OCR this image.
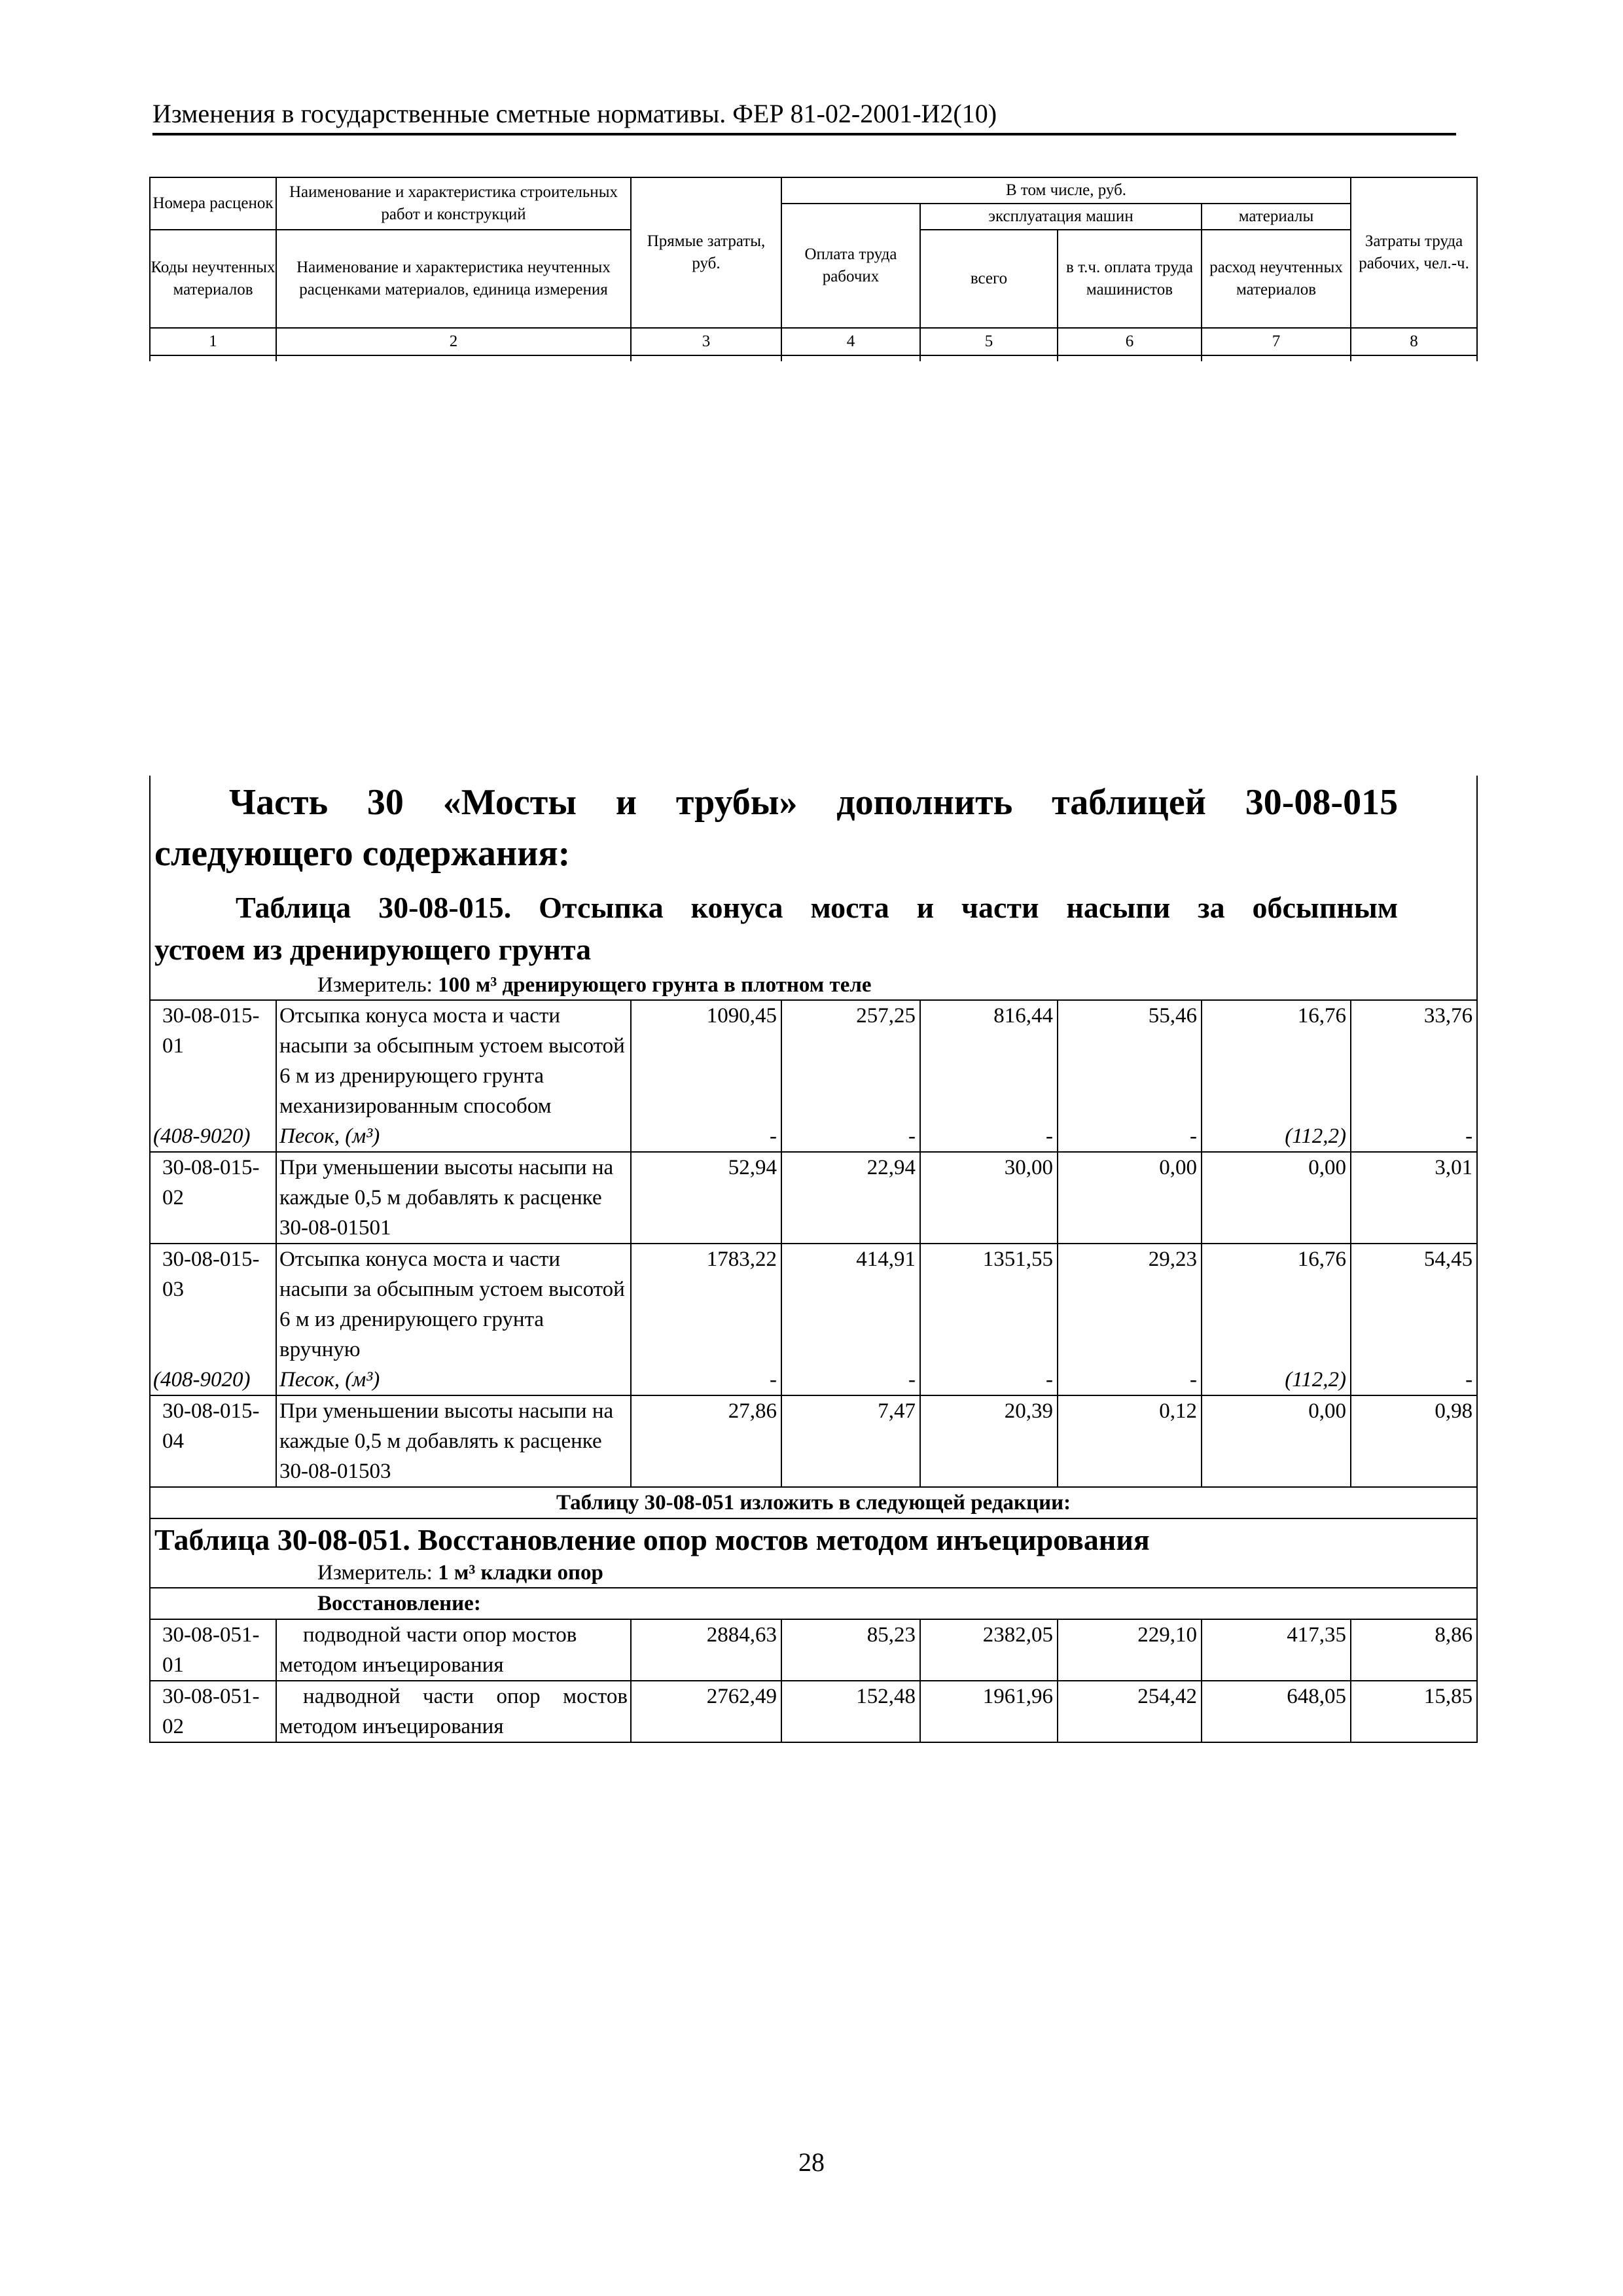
Изменения в государственные сметные нормативы. ФЕР 81-02-2001-И2(10)
Номера расценок	Наименование и характеристика строительных работ и конструкций	Прямые затраты, руб.	В том числе, руб.				Затраты труда рабочих, чел.-ч.
			Оплата труда рабочих	эксплуатация машин		материалы	
Коды неучтенных материалов	Наименование и характеристика неучтенных расценками материалов, единица измерения			всего	в т.ч. оплата труда машинистов	расход неучтенных материалов	

1	2	3	4	5	6	7	8

Часть 30 «Мосты и трубы» дополнить таблицей 30-08-015
следующего содержания:
Таблица 30-08-015. Отсыпка конуса моста и части насыпи за обсыпным
устоем из дренирующего грунта
Измеритель: 100 м³ дренирующего грунта в плотном теле							

30-08-015-01	Отсыпка конуса моста и части насыпи за обсыпным устоем высотой 6 м из дренирующего грунта механизированным способом	1090,45	257,25	816,44	55,46	16,76	33,76
(408-9020)	Песок, (м³)	-	-	-	-	(112,2)	-
30-08-015-02	При уменьшении высоты насыпи на каждые 0,5 м добавлять к расценке 30-08-01501	52,94	22,94	30,00	0,00	0,00	3,01
30-08-015-03	Отсыпка конуса моста и части насыпи за обсыпным устоем высотой 6 м из дренирующего грунта вручную	1783,22	414,91	1351,55	29,23	16,76	54,45
(408-9020)	Песок, (м³)	-	-	-	-	(112,2)	-
30-08-015-04	При уменьшении высоты насыпи на каждые 0,5 м добавлять к расценке 30-08-01503	27,86	7,47	20,39	0,12	0,00	0,98
Таблицу 30-08-051 изложить в следующей редакции:							

Таблица 30-08-051. Восстановление опор мостов методом инъецирования
Измеритель: 1 м³ кладки опор							

Восстановление:							
30-08-051-01	подводной части опор мостов методом инъецирования	2884,63	85,23	2382,05	229,10	417,35	8,86
30-08-051-02	надводной части опор мостов методом инъецирования	2762,49	152,48	1961,96	254,42	648,05	15,85
28
